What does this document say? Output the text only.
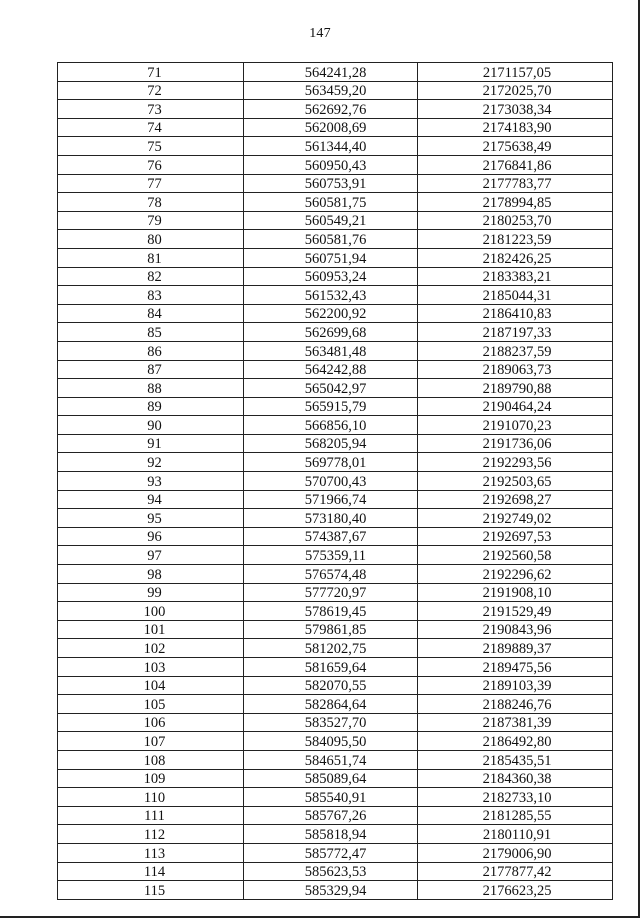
147
71	564241,28	2171157,05
72	563459,20	2172025,70
73	562692,76	2173038,34
74	562008,69	2174183,90
75	561344,40	2175638,49
76	560950,43	2176841,86
77	560753,91	2177783,77
78	560581,75	2178994,85
79	560549,21	2180253,70
80	560581,76	2181223,59
81	560751,94	2182426,25
82	560953,24	2183383,21
83	561532,43	2185044,31
84	562200,92	2186410,83
85	562699,68	2187197,33
86	563481,48	2188237,59
87	564242,88	2189063,73
88	565042,97	2189790,88
89	565915,79	2190464,24
90	566856,10	2191070,23
91	568205,94	2191736,06
92	569778,01	2192293,56
93	570700,43	2192503,65
94	571966,74	2192698,27
95	573180,40	2192749,02
96	574387,67	2192697,53
97	575359,11	2192560,58
98	576574,48	2192296,62
99	577720,97	2191908,10
100	578619,45	2191529,49
101	579861,85	2190843,96
102	581202,75	2189889,37
103	581659,64	2189475,56
104	582070,55	2189103,39
105	582864,64	2188246,76
106	583527,70	2187381,39
107	584095,50	2186492,80
108	584651,74	2185435,51
109	585089,64	2184360,38
110	585540,91	2182733,10
111	585767,26	2181285,55
112	585818,94	2180110,91
113	585772,47	2179006,90
114	585623,53	2177877,42
115	585329,94	2176623,25
